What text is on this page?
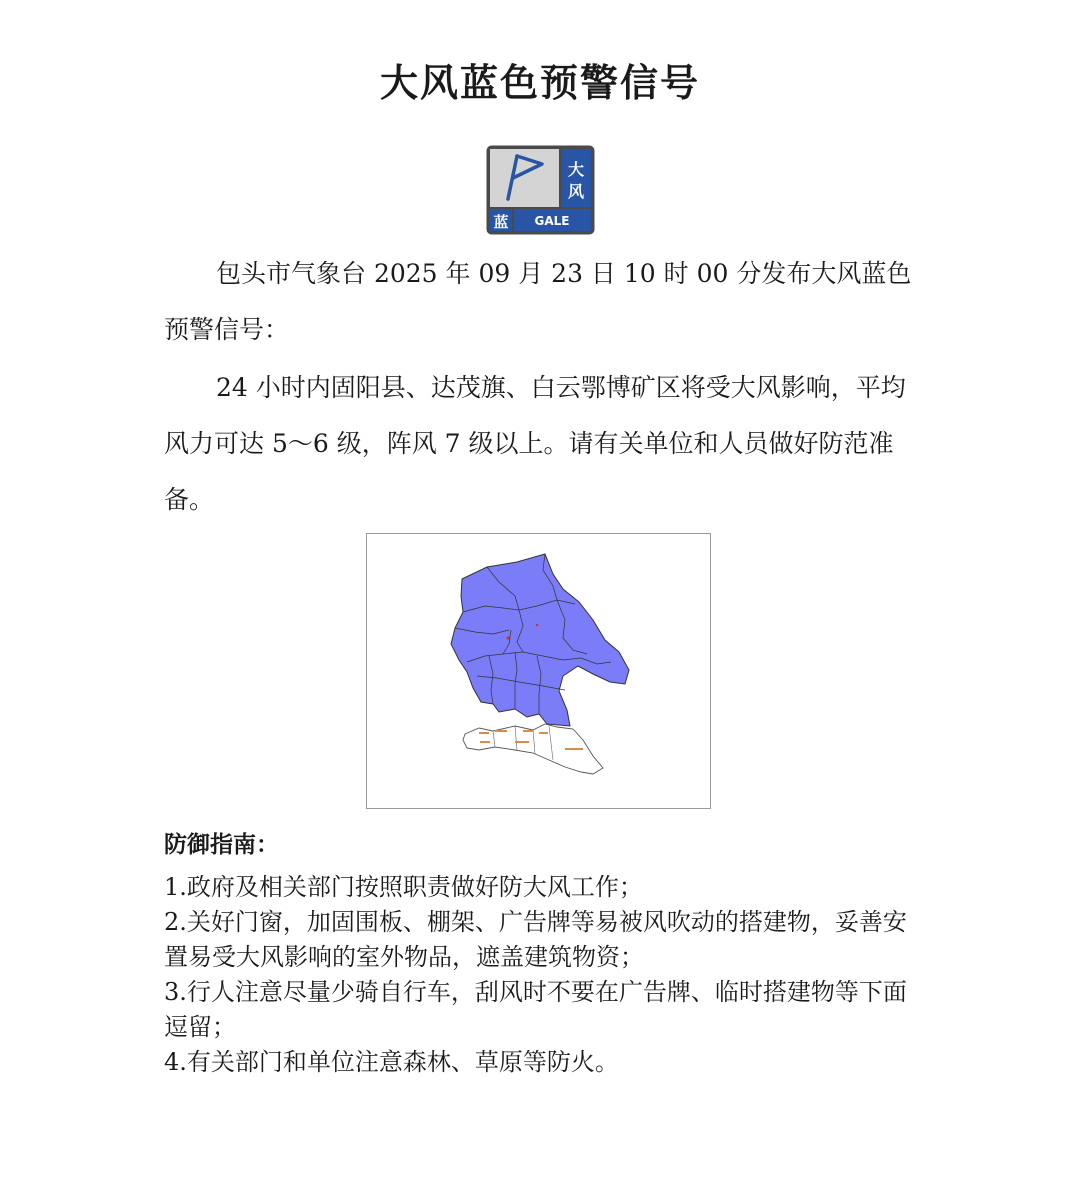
大风蓝色预警信号
大
风
蓝 GALE

包头市气象台 2025 年 09 月 23 日 10 时 00 分发布大风蓝色预警信号：

24 小时内固阳县、达茂旗、白云鄂博矿区将受大风影响，平均风力可达 5～6 级，阵风 7 级以上。请有关单位和人员做好防范准备。

防御指南：
1.政府及相关部门按照职责做好防大风工作；
2.关好门窗，加固围板、棚架、广告牌等易被风吹动的搭建物，妥善安置易受大风影响的室外物品，遮盖建筑物资；
3.行人注意尽量少骑自行车，刮风时不要在广告牌、临时搭建物等下面逗留；
4.有关部门和单位注意森林、草原等防火。
